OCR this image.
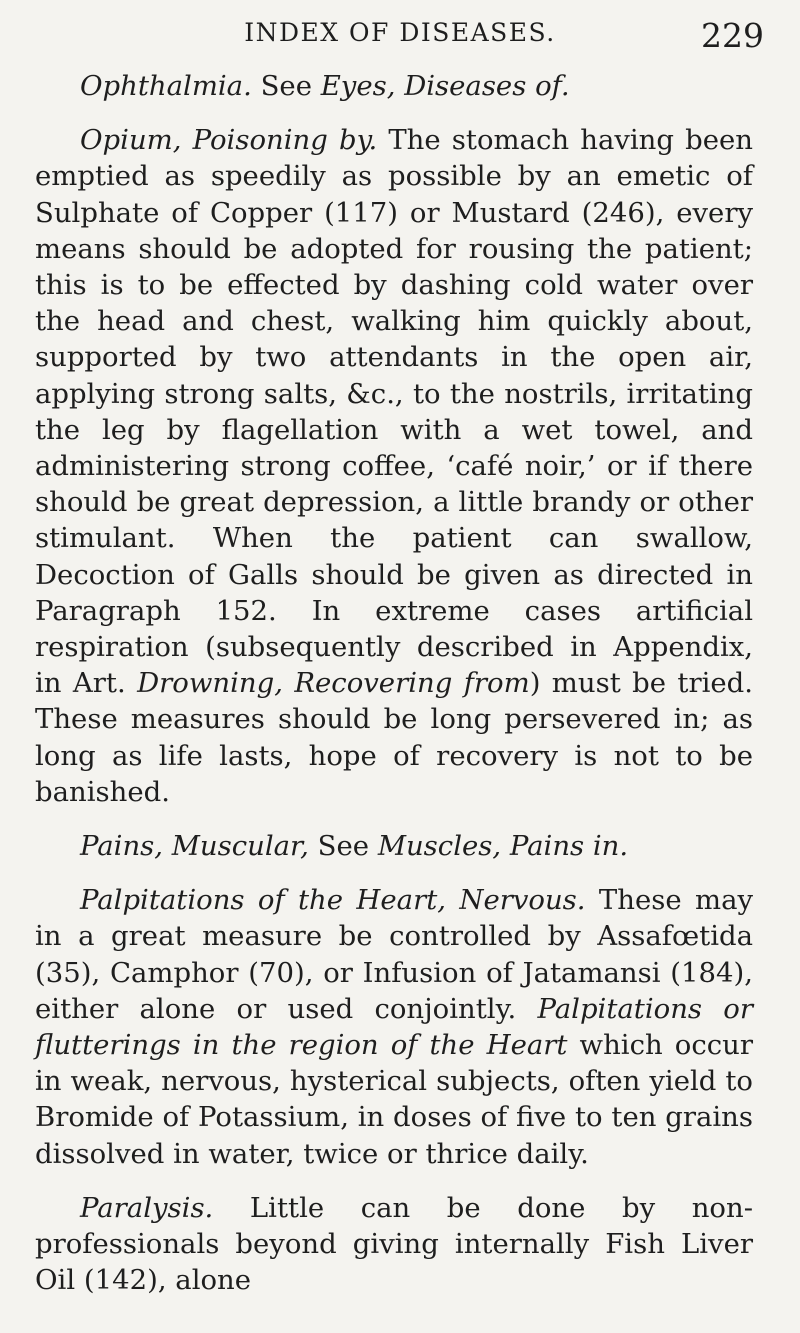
INDEX OF DISEASES.	229

Ophthalmia. See Eyes, Diseases of.

Opium, Poisoning by. The stomach having been emptied as speedily as possible by an emetic of Sulphate of Copper (117) or Mustard (246), every means should be adopted for rousing the patient; this is to be effected by dashing cold water over the head and chest, walking him quickly about, supported by two attendants in the open air, applying strong salts, &c., to the nostrils, irritating the leg by flagellation with a wet towel, and administering strong coffee, ‘café noir,’ or if there should be great depression, a little brandy or other stimulant. When the patient can swallow, Decoction of Galls should be given as directed in Paragraph 152. In extreme cases artificial respiration (subsequently described in Appendix, in Art. Drowning, Recovering from) must be tried. These measures should be long persevered in; as long as life lasts, hope of recovery is not to be banished.

Pains, Muscular, See Muscles, Pains in.

Palpitations of the Heart, Nervous. These may in a great measure be controlled by Assafœtida (35), Camphor (70), or Infusion of Jatamansi (184), either alone or used conjointly. Palpitations or flutterings in the region of the Heart which occur in weak, nervous, hysterical subjects, often yield to Bromide of Potassium, in doses of five to ten grains dissolved in water, twice or thrice daily.

Paralysis. Little can be done by non-professionals beyond giving internally Fish Liver Oil (142), alone
